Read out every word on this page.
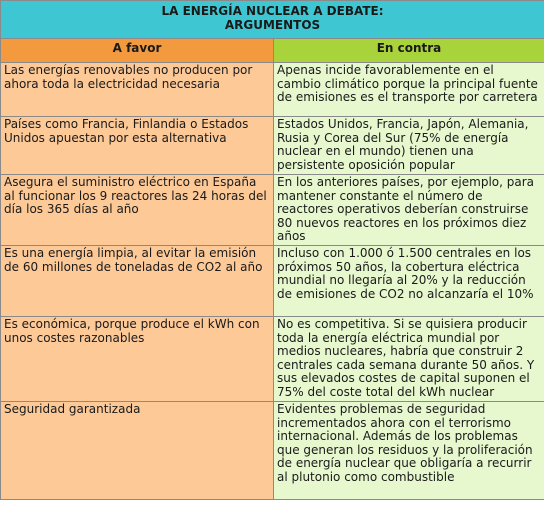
LA ENERGÍA NUCLEAR A DEBATE:
ARGUMENTOS	

A favor	En contra
Las energías renovables no producen por ahora toda la electricidad necesaria	Apenas incide favorablemente en el cambio climático porque la principal fuente de emisiones es el transporte por carretera
Países como Francia, Finlandia o Estados Unidos apuestan por esta alternativa	Estados Unidos, Francia, Japón, Alemania, Rusia y Corea del Sur (75% de energía nuclear en el mundo) tienen una persistente oposición popular
Asegura el suministro eléctrico en España al funcionar los 9 reactores las 24 horas del día los 365 días al año	En los anteriores países, por ejemplo, para mantener constante el número de reactores operativos deberían construirse 80 nuevos reactores en los próximos diez años
Es una energía limpia, al evitar la emisión de 60 millones de toneladas de CO2 al año	Incluso con 1.000 ó 1.500 centrales en los próximos 50 años, la cobertura eléctrica mundial no llegaría al 20% y la reducción de emisiones de CO2 no alcanzaría el 10%
Es económica, porque produce el kWh con unos costes razonables	No es competitiva. Si se quisiera producir toda la energía eléctrica mundial por medios nucleares, habría que construir 2 centrales cada semana durante 50 años. Y sus elevados costes de capital suponen el 75% del coste total del kWh nuclear
Seguridad garantizada	Evidentes problemas de seguridad incrementados ahora con el terrorismo internacional. Además de los problemas que generan los residuos y la proliferación de energía nuclear que obligaría a recurrir al plutonio como combustible
